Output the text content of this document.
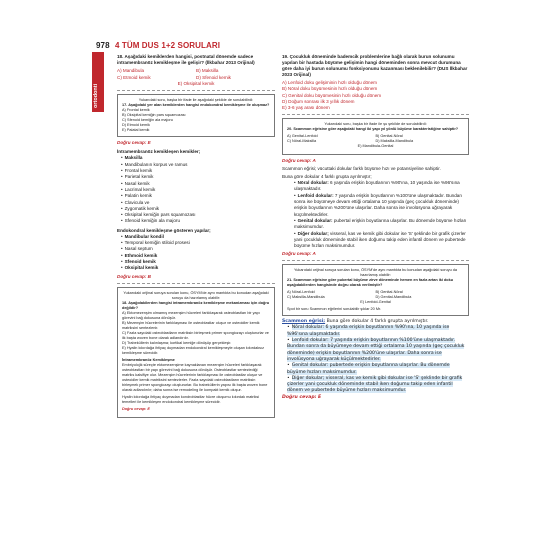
978 4 TÜM DUS 1+2 SORULARI
ortodonti
18. Aşağıdaki kemiklerden hangisi, postnatal dönemde sadece intramembranöz kemikleşme ile gelişir? (İlkbahar 2013 Orijinal)
A) Mandibula	B) Maksilla
C) Etmoid kemik	D) Sfenoid kemik
E) Oksipital kemik
Yukarıdaki soru, başka bir ifade ile aşağıdaki şekilde de sorulabilirdi:
17. Aşağıdaki yer alan kemiklerden hangisi endokondral kemikleşme ile oluşmaz?
A) Frontal kemik
B) Oksipital kemiğin pars squamozası
C) Sfenoid kemiğin ala majoru
D) Etmoid kemik
E) Palatal kemik
Doğru cevap: E
İntramembranöz kemikleşen kemikler;
• Maksilla
• Mandibulanın korpus ve ramus
• Frontal kemik
• Parietal kemik
• Nasal kemik
• Lacrimal kemik
• Palatin kemik
• Clavicula ve
• Zygomatik kemik
• Oksipital kemiğin pars squamozası
• Sfenoid kemiğin ala majoru
Endokondral kemikleşme gösteren yapılar;
• Mandibular kondil
• Temporal kemiğin stiloid prosesi
• Nasal septum
• Ethmoid kemik
• Sfenoid kemik
• Oksipital kemik
Doğru cevap: B
Yukarıdaki orijinal soruya sorulan konu, ÖSYM'de aynı mantıkta bu konudan aşağıdaki soruyu da hazırlamış olabilir:
18. Aşağıdakilerden hangisi intramembranöz kemikleşme mekanizması için doğru değildir?
A) Ektomezenşim olmamış mezenşim hücreleri farklılaşarak osteoblastları bir yapı görevini bağ dokusuna dönüşür.
B) Mezenşim hücrelerinin farklılaşması ile osteoblastlar oluşur ve osteoidler kemik matriksini sentezlenir.
C) Fazla sayıdaki osteoblastların matriksin birleşmek primer spongiozayı oluştururlar ve ilk başta woven bone olarak adlandırılır.
D) Trabeküllerin kalınlaşma; kortikal kemiğe dönüşüp gerçekleşir.
E) Hyalin kıkırdağa ihtiyaç duymadan endokondral kemikleşmeyle oluşan kıkırdaksız kemikleşme sürecidir.
İntramembranöz Kemikleşme
Embriyolojik süreçte ektomezenşime kaynaklanan mezenşim hücreleri farklılaşarak osteoblastları bir yapı görevini bağ dokusuna dönüşür. Osteoblastlar sentezlediği matriks kalsifiye olur. Mezenşim hücrelerinin farklılaşması ile osteoblastlar oluşur ve osteoidler kemik matriksini sentezlerler. Fazla sayıdaki osteoblastların matriksin birleşmek primer spongiozayı oluştururlar. Bu trabeküllerin yapısı ilk başta woven bone olarak adlandırılır; daha sonra ise remodeling ile kompakt kemik oluşur.
Hyalin kıkırdağa ihtiyaç duymadan kondroblastlar hücre oluşumu kıkırdak matriksi temelleri ile kemikleşen endokondral kemikleşme sürecidir.
Doğru cevap: E
19. Çocukluk döneminde bademcik problemlerine bağlı olarak burun solunumu yapılan bir hastada büyüme gelişimin hangi döneminden sonra mevcut durumuna göre daha iyi burun solunumu fonksiyonunu kazanması beklenilebilir? (DUS İlkbahar 2023 Orijinal)
A) Lenfoid doku gelişiminin hızlı olduğu dönem
B) Nöral doku büyümesinin hızlı olduğu dönem
C) Genital doku büyümesinin hızlı olduğu dönem
D) Doğum sonrası ilk 3 yıllık dönem
E) 3-6 yaş arası dönem
Yukarıdaki soru, başka bir ifade ile şu şekilde de sorulabilirdi:
20. Scammon eğrisine göre aşağıdaki hangi iki yapı yıl yönlü büyüme karakteristiğine sahiptir?
A) Genital-Lenfoid	B) Genital-Nöral
C) Nöral-Maksilla	D) Maksilla-Mandibula
E) Mandibula-Genital
Doğru cevap: A
Scammon eğrisi; vücuttaki dokular farklı büyüme hızı ve potansiyeline sahiptir.
Buna göre dokular 4 farklı grupta ayrılmıştır;
• Nöral dokular: 6 yaşında erişkin boyutlarının %90'ına, 10 yaşında ise %96'sına ulaşmaktadır.
• Lenfoid dokular: 7 yaşında erişkin boyutlarının %100'üne ulaşmaktadır. Bundan sonra ise büyümeye devam ettiği ortalama 10 yaşında (geç çocukluk döneminde) erişkin boyutlarının %200'üne ulaşırlar. Daha sonra ise involüsyona uğrayarak küçülmektedirler.
• Genital dokular: pubertal erişkin boyutlarına ulaşırlar. Bu dönemde büyüme hızları maksimumdur.
• Diğer dokular; visseral, kas ve kemik gibi dokular ise 'S' şeklinde bir grafik çizerler yani çocukluk döneminde stabil iken doğumu takip eden infantil dönem ve pubertede büyüme hızları maksimumdur.
Doğru cevap: A
Yukarıdaki orijinal soruya sorulan konu, ÖSYM'de aynı mantıkta bu konudan aşağıdaki soruyu da hazırlamış olabilir:
21. Scammon eğrisine göre pubertal büyüme zirve döneminde hemen en fazla artan iki doku aşağıdakilerden hangisinde doğru olarak verilmiştir?
A) Nöral-Lenfoid	B) Genital-Nöral
C) Maksilla-Mandibula	D) Genital-Mandibula
E) Lenfoid-Genital
Spot bir soru Scammon eğrilerini sorulabilir şıklar 20 Mr.
Scammon eğrisi; Buna göre dokular 4 farklı grupta ayrılmıştır.
• Nöral dokular: 6 yaşında erişkin boyutlarının %90'ına, 10 yaşında ise %96'sına ulaşmaktadır.
• Lenfoid dokular: 7 yaşında erişkin boyutlarının %100'üne ulaşmaktadır. Bundan sonra da büyümeye devam ettiği ortalama 10 yaşında (geç çocukluk döneminde) erişkin boyutlarının %200'üne ulaşırlar. Daha sonra ise involüsyona uğrayarak küçülmektedirler.
• Genital dokular: pubertede erişkin boyutlarına ulaşırlar. Bu dönemde büyüme hızları maksimumdur.
• Diğer dokular; visseral, kas ve kemik gibi dokular ise 'S' şeklinde bir grafik çizerler yani çocukluk döneminde stabil iken doğumu takip eden infantil dönem ve pubertede büyüme hızları maksimumdur.
Doğru cevap: E
